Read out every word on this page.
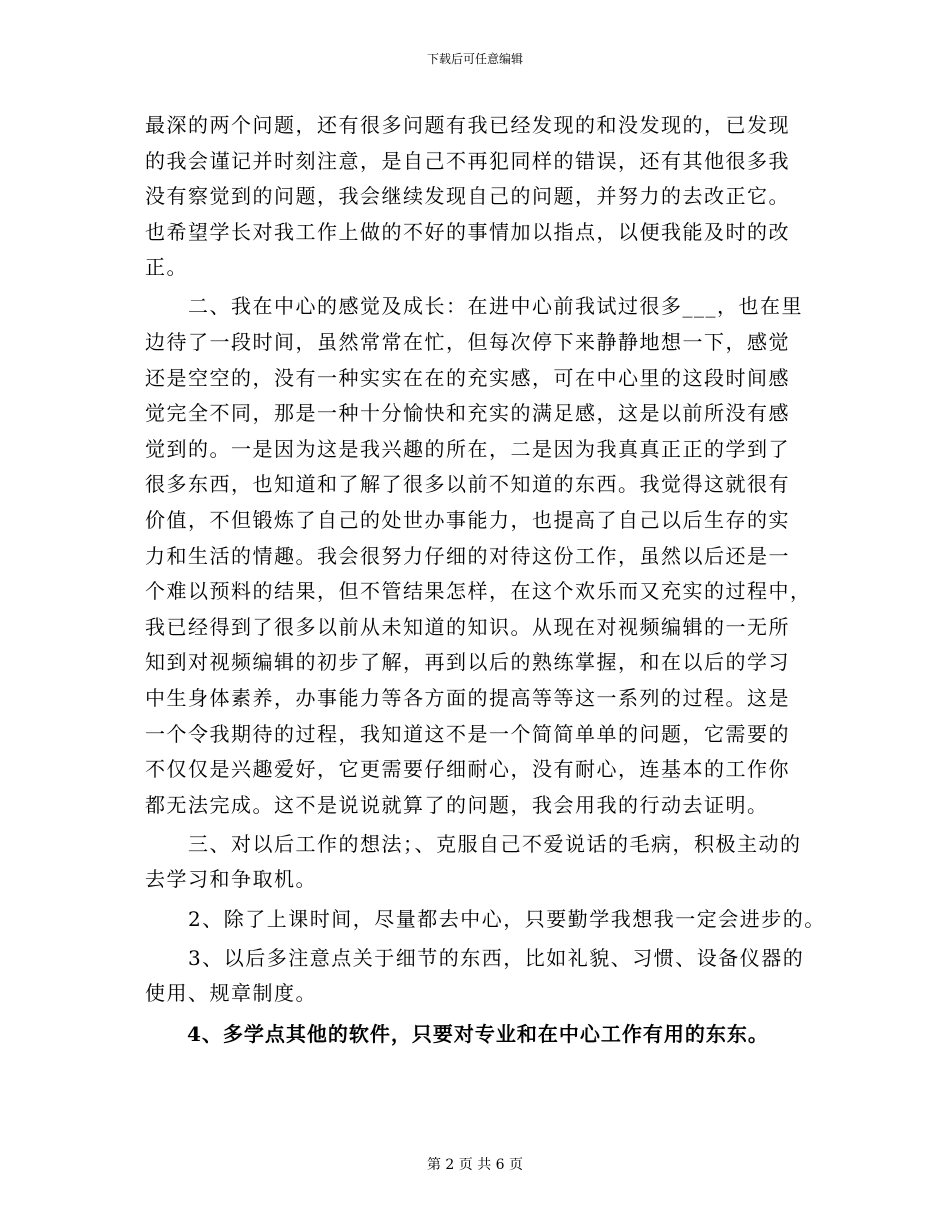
下载后可任意编辑
最深的两个问题，还有很多问题有我已经发现的和没发现的，已发现
的我会谨记并时刻注意，是自己不再犯同样的错误，还有其他很多我
没有察觉到的问题，我会继续发现自己的问题，并努力的去改正它。
也希望学长对我工作上做的不好的事情加以指点，以便我能及时的改
正。
　　二、我在中心的感觉及成长：在进中心前我试过很多___，也在里
边待了一段时间，虽然常常在忙，但每次停下来静静地想一下，感觉
还是空空的，没有一种实实在在的充实感，可在中心里的这段时间感
觉完全不同，那是一种十分愉快和充实的满足感，这是以前所没有感
觉到的。一是因为这是我兴趣的所在，二是因为我真真正正的学到了
很多东西，也知道和了解了很多以前不知道的东西。我觉得这就很有
价值，不但锻炼了自己的处世办事能力，也提高了自己以后生存的实
力和生活的情趣。我会很努力仔细的对待这份工作，虽然以后还是一
个难以预料的结果，但不管结果怎样，在这个欢乐而又充实的过程中，
我已经得到了很多以前从未知道的知识。从现在对视频编辑的一无所
知到对视频编辑的初步了解，再到以后的熟练掌握，和在以后的学习
中生身体素养，办事能力等各方面的提高等等这一系列的过程。这是
一个令我期待的过程，我知道这不是一个简简单单的问题，它需要的
不仅仅是兴趣爱好，它更需要仔细耐心，没有耐心，连基本的工作你
都无法完成。这不是说说就算了的问题，我会用我的行动去证明。
　　三、对以后工作的想法；、克服自己不爱说话的毛病，积极主动的
去学习和争取机。
　　2、除了上课时间，尽量都去中心，只要勤学我想我一定会进步的。
　　3、以后多注意点关于细节的东西，比如礼貌、习惯、设备仪器的
使用、规章制度。
　　4、多学点其他的软件，只要对专业和在中心工作有用的东东。
第 2 页 共 6 页
